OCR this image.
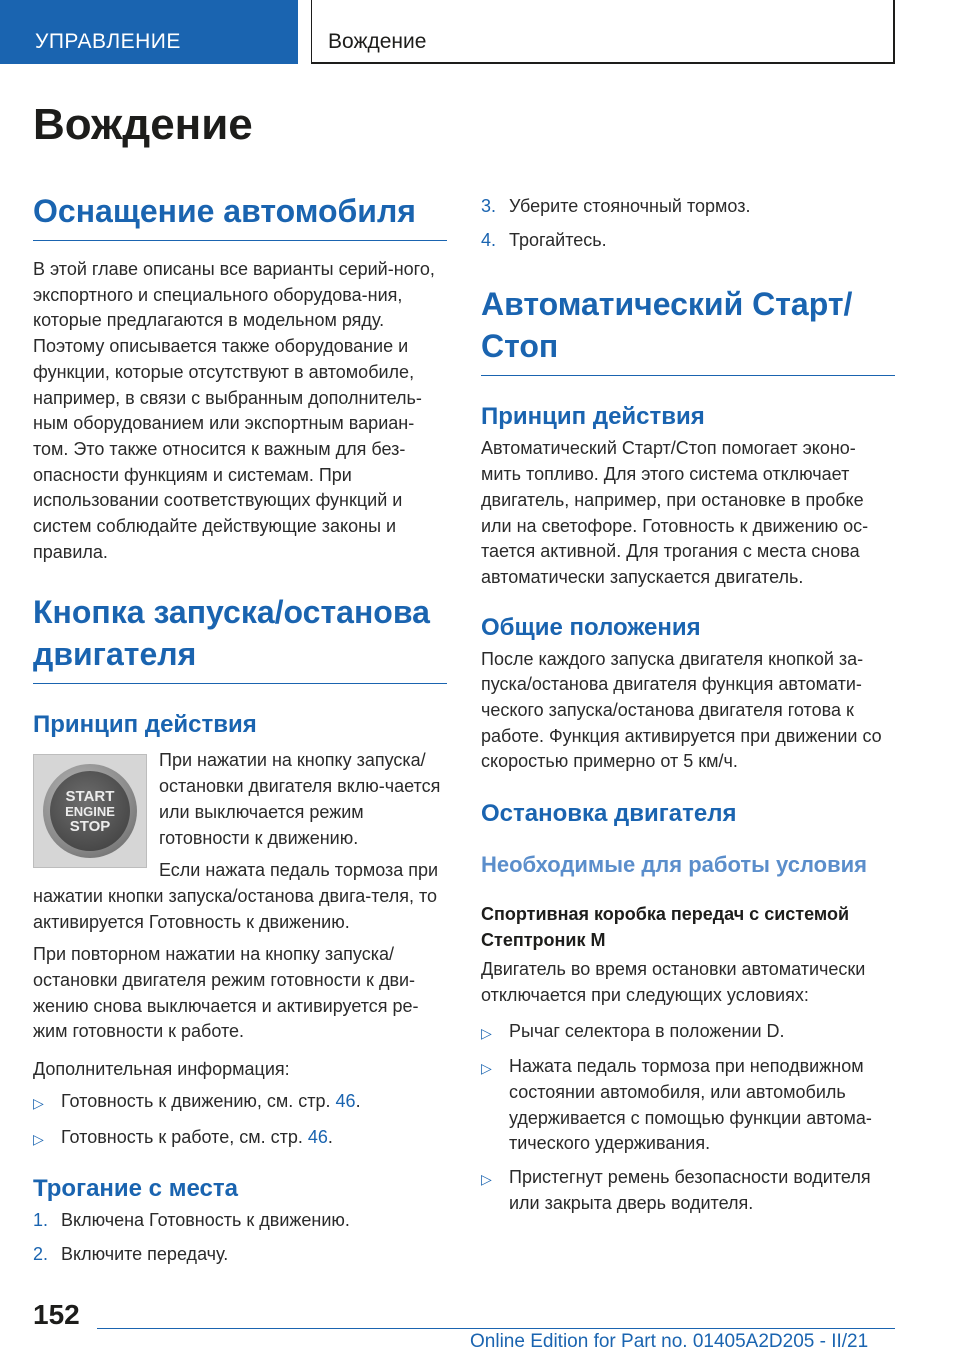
УПРАВЛЕНИЕ	Вождение
Вождение
Оснащение автомобиля

В этой главе описаны все варианты серий-ного, экспортного и специального оборудова-ния, которые предлагаются в модельном ряду. Поэтому описывается также оборудование и функции, которые отсутствуют в автомобиле, например, в связи с выбранным дополнитель-ным оборудованием или экспортным вариан-том. Это также относится к важным для без-опасности функциям и системам. При использовании соответствующих функций и систем соблюдайте действующие законы и правила.

Кнопка запуска/останова двигателя
Принцип действия
START
ENGINE
STOP

При нажатии на кнопку запуска/ остановки двигателя вклю-чается или выключается режим готовности к движению.

Если нажата педаль тормоза при нажатии кнопки запуска/останова двига-теля, то активируется Готовность к движению.

При повторном нажатии на кнопку запуска/ остановки двигателя режим готовности к дви-жению снова выключается и активируется ре-жим готовности к работе.

Дополнительная информация:

▷ Готовность к движению, см. стр. 46.
▷ Готовность к работе, см. стр. 46.
Трогание с места
1. Включена Готовность к движению.
2. Включите передачу.
3. Уберите стояночный тормоз.
4. Трогайтесь.
Автоматический Старт/ Стоп
Принцип действия

Автоматический Старт/Стоп помогает эконо-мить топливо. Для этого система отключает двигатель, например, при остановке в пробке или на светофоре. Готовность к движению ос-тается активной. Для трогания с места снова автоматически запускается двигатель.

Общие положения

После каждого запуска двигателя кнопкой за-пуска/останова двигателя функция автомати-ческого запуска/останова двигателя готова к работе. Функция активируется при движении со скоростью примерно от 5 км/ч.

Остановка двигателя
Необходимые для работы условия
Спортивная коробка передач с системой Стептроник M

Двигатель во время остановки автоматически отключается при следующих условиях:

▷ Рычаг селектора в положении D.
▷ Нажата педаль тормоза при неподвижном состоянии автомобиля, или автомобиль удерживается с помощью функции автома-тического удерживания.
▷ Пристегнут ремень безопасности водителя или закрыта дверь водителя.
152
Online Edition for Part no. 01405A2D205 - II/21
